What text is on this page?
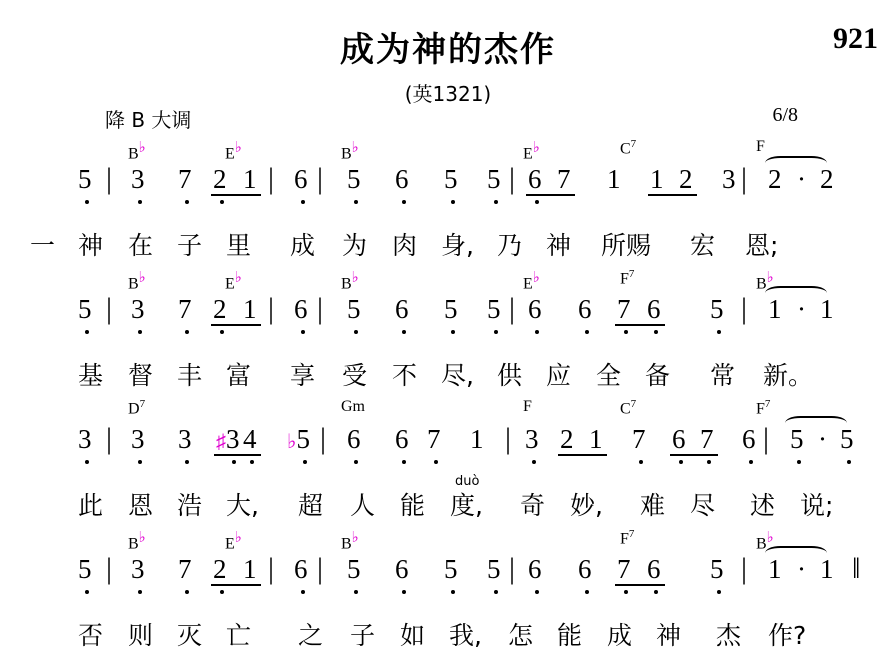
成为神的杰作	921
(英1321)
降 B 大调	6/8
B♭	E♭	B♭	E♭	$C^7$	F
|	| |	|	|
5 3 7 2 1 6 5 6 5 5 6 7 1 1 2 3 2 · 2
一 神 在 子 里 成 为 肉 身, 乃 神 所赐 宏 恩;
B♭	E♭	B♭	E♭	$F^7$
B♭
|	| |	|	|
5 3 7 2 1 6 5 6 5 5 6 6 7 6 5 1 · 1
基 督 丰 富 享 受 不 尽, 供 应 全 备 常 新。
$D^7$	Gm	F	$C^7$	$F^7$
|	|	|	|
3 3 3 ♯3 4 ♭5 6 6 7 1 3 2 1 7 6 7 6 5 · 5
duò
此 恩 浩 大, 超 人 能 度, 奇 妙, 难 尽 述 说;
B♭	E♭	B♭	$F^7$
B♭
|	| |	|	|	‖
5 3 7 2 1 6 5 6 5 5 6 6 7 6 5 1 · 1
否 则 灭 亡 之 子 如 我, 怎 能 成 神 杰 作?
